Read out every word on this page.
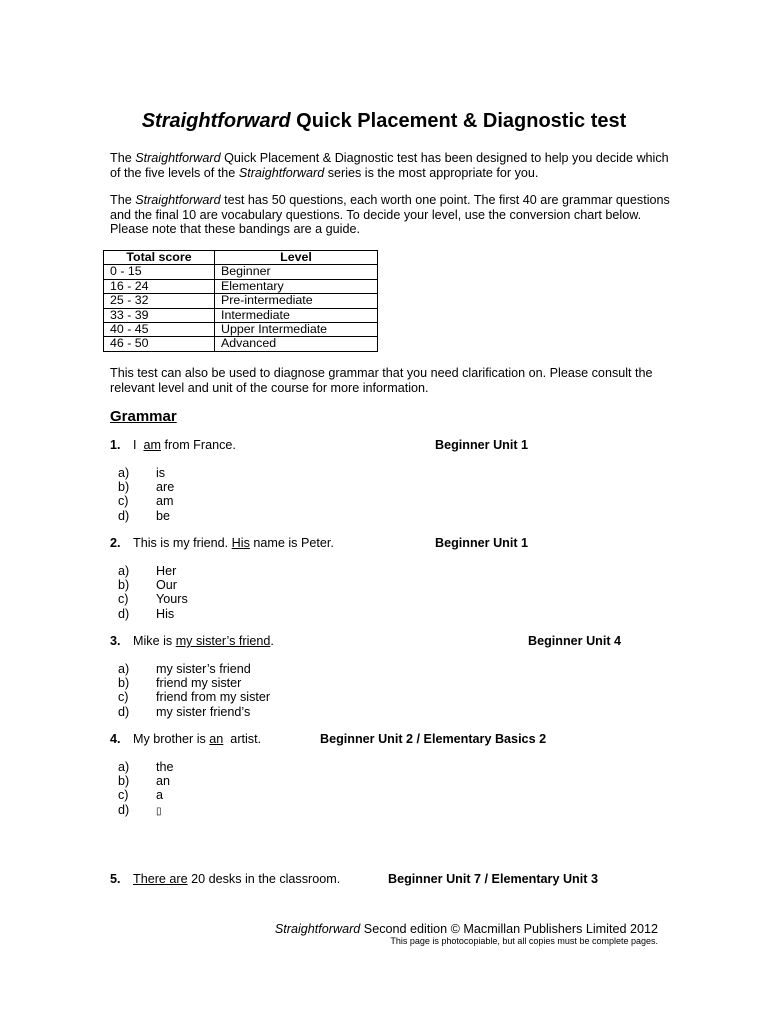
Straightforward Quick Placement & Diagnostic test

The Straightforward Quick Placement & Diagnostic test has been designed to help you decide which of the five levels of the Straightforward series is the most appropriate for you.

The Straightforward test has 50 questions, each worth one point. The first 40 are grammar questions and the final 10 are vocabulary questions. To decide your level, use the conversion chart below. Please note that these bandings are a guide.

Total score	Level
0 - 15	Beginner
16 - 24	Elementary
25 - 32	Pre-intermediate
33 - 39	Intermediate
40 - 45	Upper Intermediate
46 - 50	Advanced

This test can also be used to diagnose grammar that you need clarification on. Please consult the relevant level and unit of the course for more information.

Grammar
1. I  am from France.	Beginner Unit 1
a) is
b) are
c) am
d) be
2. This is my friend. His name is Peter.	Beginner Unit 1
a) Her
b) Our
c) Yours
d) His
3. Mike is my sister’s friend.	Beginner Unit 4
a) my sister’s friend
b) friend my sister
c) friend from my sister
d) my sister friend’s
4. My brother is an  artist.	Beginner Unit 2 / Elementary Basics 2
a) the
b) an
c) a
d)	▯
5. There are 20 desks in the classroom.	Beginner Unit 7 / Elementary Unit 3
Straightforward Second edition © Macmillan Publishers Limited 2012
This page is photocopiable, but all copies must be complete pages.
